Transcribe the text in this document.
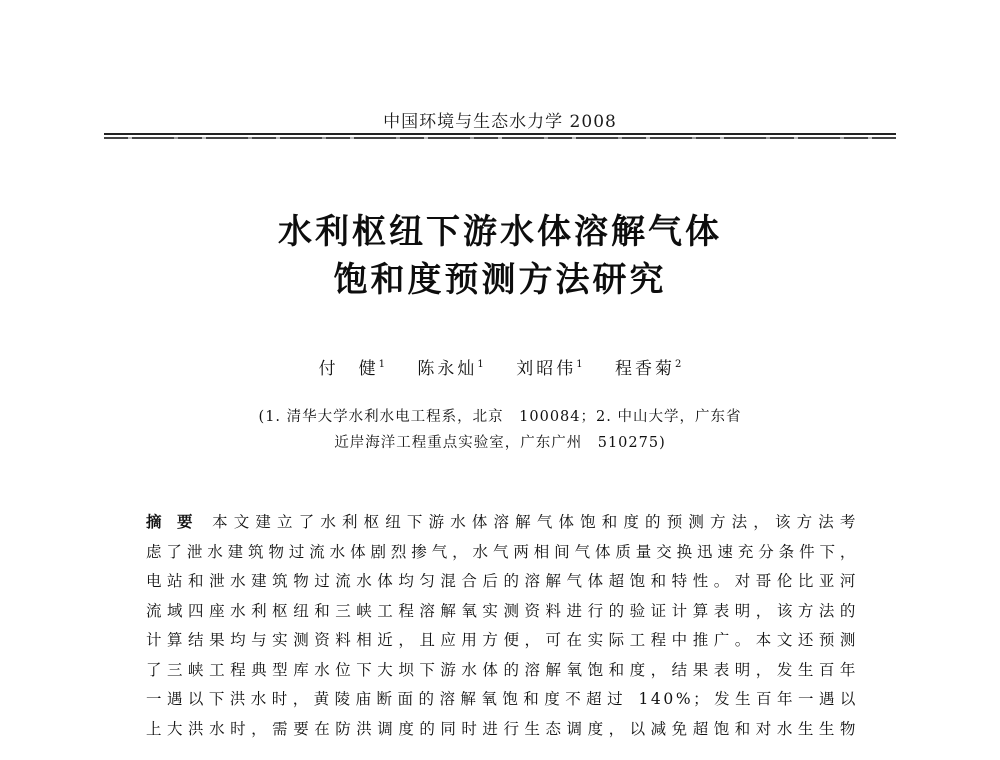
中国环境与生态水力学 2008
水利枢纽下游水体溶解气体
饱和度预测方法研究
付　健$^1$ 陈永灿$^1$ 刘昭伟$^1$ 程香菊$^2$
(1. 清华大学水利水电工程系，北京　100084；2. 中山大学，广东省
近岸海洋工程重点实验室，广东广州　510275)
摘要 本文建立了水利枢纽下游水体溶解气体饱和度的预测方法，该方法考
虑了泄水建筑物过流水体剧烈掺气，水气两相间气体质量交换迅速充分条件下，
电站和泄水建筑物过流水体均匀混合后的溶解气体超饱和特性。对哥伦比亚河
流域四座水利枢纽和三峡工程溶解氧实测资料进行的验证计算表明，该方法的
计算结果均与实测资料相近，且应用方便，可在实际工程中推广。本文还预测
了三峡工程典型库水位下大坝下游水体的溶解氧饱和度，结果表明，发生百年
一遇以下洪水时，黄陵庙断面的溶解氧饱和度不超过 140%；发生百年一遇以
上大洪水时，需要在防洪调度的同时进行生态调度，以减免超饱和对水生生物
